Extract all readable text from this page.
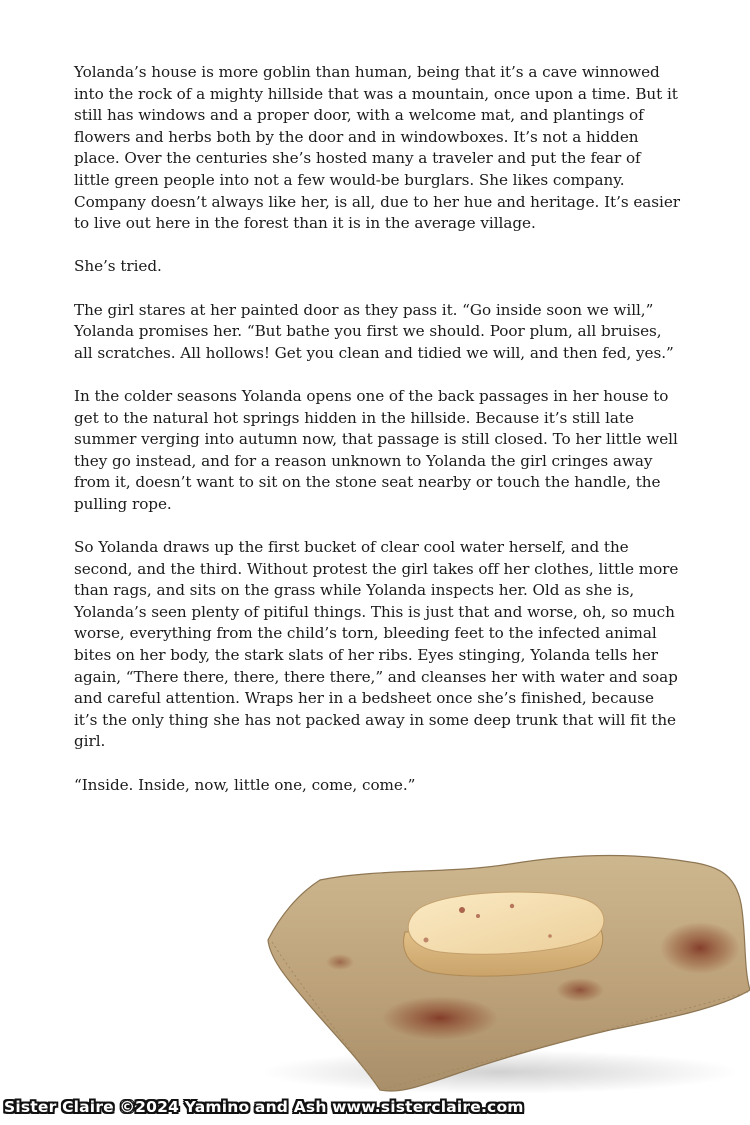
Yolanda’s house is more goblin than human, being that it’s a cave winnowed into the rock of a mighty hillside that was a mountain, once upon a time. But it still has windows and a proper door, with a welcome mat, and plantings of flowers and herbs both by the door and in windowboxes. It’s not a hidden place. Over the centuries she’s hosted many a traveler and put the fear of little green people into not a few would-be burglars. She likes company. Company doesn’t always like her, is all, due to her hue and heritage. It’s easier to live out here in the forest than it is in the average village.

She’s tried.

The girl stares at her painted door as they pass it. “Go inside soon we will,” Yolanda promises her. “But bathe you first we should. Poor plum, all bruises, all scratches. All hollows! Get you clean and tidied we will, and then fed, yes.”

In the colder seasons Yolanda opens one of the back passages in her house to get to the natural hot springs hidden in the hillside. Because it’s still late summer verging into autumn now, that passage is still closed. To her little well they go instead, and for a reason unknown to Yolanda the girl cringes away from it, doesn’t want to sit on the stone seat nearby or touch the handle, the pulling rope.

So Yolanda draws up the first bucket of clear cool water herself, and the second, and the third. Without protest the girl takes off her clothes, little more than rags, and sits on the grass while Yolanda inspects her. Old as she is, Yolanda’s seen plenty of pitiful things. This is just that and worse, oh, so much worse, everything from the child’s torn, bleeding feet to the infected animal bites on her body, the stark slats of her ribs. Eyes stinging, Yolanda tells her again, “There there, there, there there,” and cleanses her with water and soap and careful attention. Wraps her in a bedsheet once she’s finished, because it’s the only thing she has not packed away in some deep trunk that will fit the girl.

“Inside. Inside, now, little one, come, come.”

Sister Claire ©2024 Yamino and Ash www.sisterclaire.com
